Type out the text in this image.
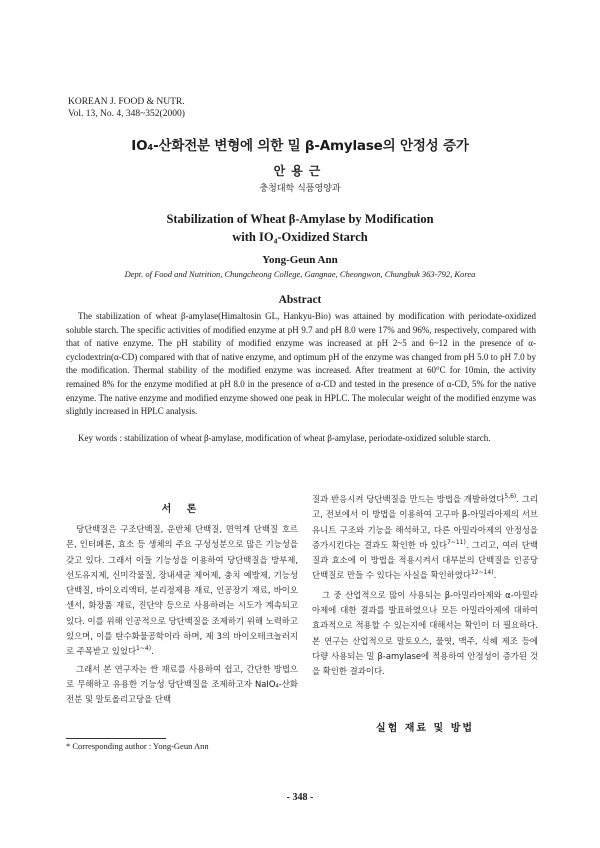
KOREAN J. FOOD & NUTR.
Vol. 13, No. 4, 348~352(2000)
IO₄-산화전분 변형에 의한 밀 β-Amylase의 안정성 증가
안용근
충청대학 식품영양과
Stabilization of Wheat β-Amylase by Modification
with IO₄-Oxidized Starch
Yong-Geun Ann
Dept. of Food and Nutrition, Chungcheong College, Gangnae, Cheongwon, Chungbuk 363-792, Korea
Abstract

The stabilization of wheat β-amylase(Himaltosin GL, Hankyu-Bio) was attained by modification with periodate-oxidized soluble starch. The specific activities of modified enzyme at pH 9.7 and pH 8.0 were 17% and 96%, respectively, compared with that of native enzyme. The pH stability of modified enzyme was increased at pH 2~5 and 6~12 in the presence of α-cyclodextrin(α-CD) compared with that of native enzyme, and optimum pH of the enzyme was changed from pH 5.0 to pH 7.0 by the modification. Thermal stability of the modified enzyme was increased. After treatment at 60°C for 10min, the activity remained 8% for the enzyme modified at pH 8.0 in the presence of α-CD and tested in the presence of α-CD, 5% for the native enzyme. The native enzyme and modified enzyme showed one peak in HPLC. The molecular weight of the modified enzyme was slightly increased in HPLC analysis.

Key words : stabilization of wheat β-amylase, modification of wheat β-amylase, periodate-oxidized soluble starch.
서 론

당단백질은 구조단백질, 운반체 단백질, 면역계 단백질 호르몬, 인터페론, 효소 등 생체의 주요 구성성분으로 많은 기능성을 갖고 있다. 그래서 이들 기능성을 이용하여 당단백질을 방부제, 선도유지제, 신미각물질, 장내세균 제어제, 충치 예방제, 기능성 단백질, 바이오리액터, 분리정제용 재료, 인공장기 재료, 바이오센서, 화장품 재료, 진단약 등으로 사용하려는 시도가 계속되고 있다. 이를 위해 인공적으로 당단백질을 조제하기 위해 노력하고 있으며, 이를 탄수화물공학이라 하며, 제 3의 바이오테크놀러지로 주목받고 있었다$^{1\sim 4)}$.

그래서 본 연구자는 싼 재료를 사용하여 쉽고, 간단한 방법으로 무해하고 유용한 기능성 당단백질을 조제하고자 NaIO₄-산화 전분 및 말토올리고당을 단백

질과 반응시켜 당단백질을 만드는 방법을 개발하였다$^{5,6)}$. 그리고, 전보에서 이 방법을 이용하여 고구마 β-아밀라아제의 서브유니트 구조와 기능을 해석하고, 다른 아밀라아제의 안정성을 증가시킨다는 결과도 확인한 바 있다$^{7\sim 11)}$. 그리고, 여러 단백질과 효소에 이 방법을 적용시켜서 대부분의 단백질을 인공당단백질로 만들 수 있다는 사실을 확인하였다$^{12\sim 14)}$.

그 중 산업적으로 많이 사용되는 β-아밀라아제와 α-아밀라아제에 대한 결과를 발표하였으나 모든 아밀라아제에 대하여 효과적으로 적용할 수 있는지에 대해서는 확인이 더 필요하다. 본 연구는 산업적으로 말토오스, 물엿, 맥주, 식혜 제조 등에 다량 사용되는 밀 β-amylase에 적용하여 안정성이 증가된 것을 확인한 결과이다.

실험 재료 및 방법
* Corresponding author : Yong-Geun Ann
- 348 -
